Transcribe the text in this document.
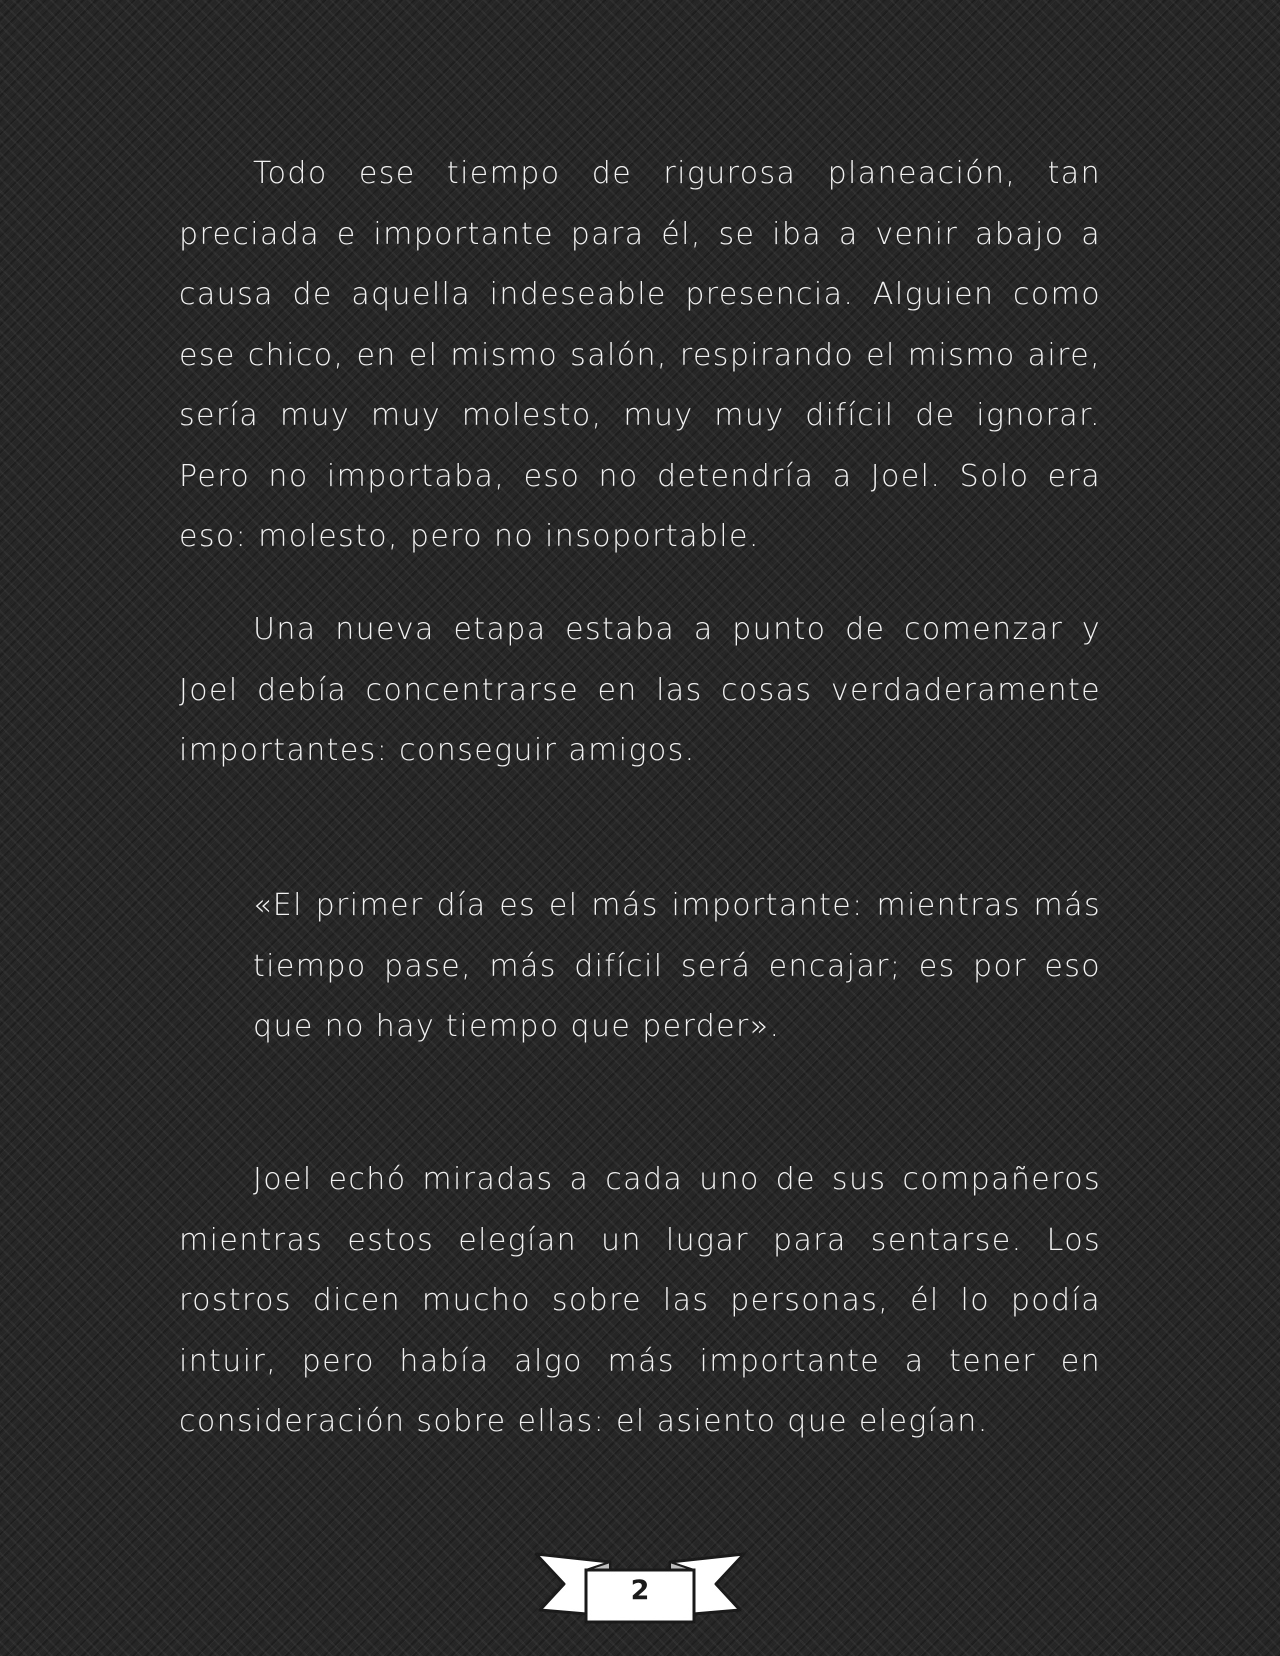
Todo ese tiempo de rigurosa planeación, tan preciada e importante para él, se iba a venir abajo a causa de aquella indeseable presencia. Alguien como ese chico, en el mismo salón, respirando el mismo aire, sería muy muy molesto, muy muy difícil de ignorar. Pero no importaba, eso no detendría a Joel. Solo era eso: molesto, pero no insoportable.

Una nueva etapa estaba a punto de comenzar y Joel debía concentrarse en las cosas verdaderamente importantes: conseguir amigos.

«El primer día es el más importante: mientras más tiempo pase, más difícil será encajar; es por eso que no hay tiempo que perder».

Joel echó miradas a cada uno de sus compañeros mientras estos elegían un lugar para sentarse. Los rostros dicen mucho sobre las personas, él lo podía intuir, pero había algo más importante a tener en consideración sobre ellas: el asiento que elegían.

2
